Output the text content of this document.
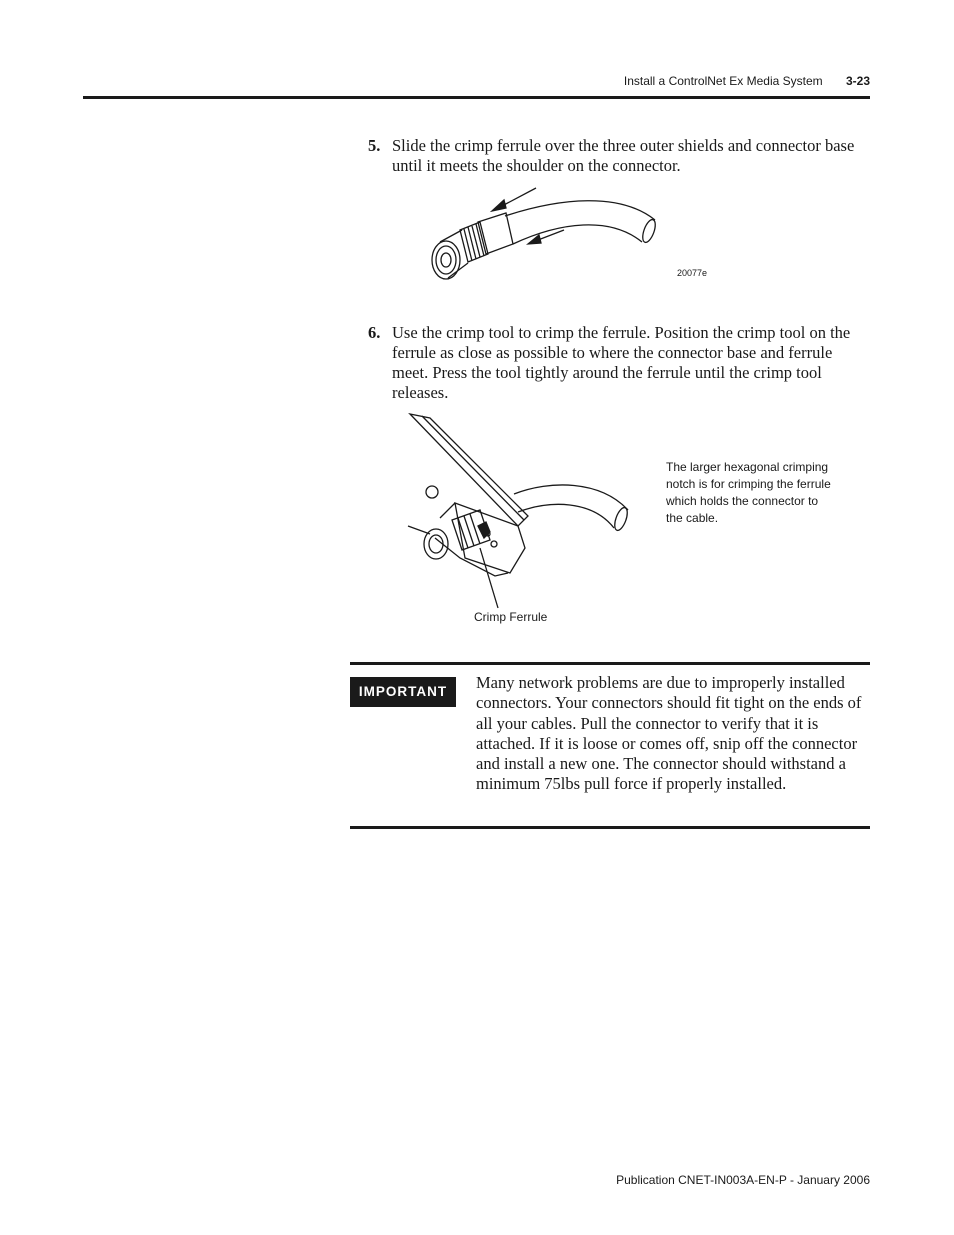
Install a ControlNet Ex Media System 3-23
5. Slide the crimp ferrule over the three outer shields and connector base until it meets the shoulder on the connector.
20077e
6. Use the crimp tool to crimp the ferrule. Position the crimp tool on the ferrule as close as possible to where the connector base and ferrule meet. Press the tool tightly around the ferrule until the crimp tool releases.
The larger hexagonal crimping notch is for crimping the ferrule which holds the connector to the cable.
Crimp Ferrule
IMPORTANT	Many network problems are due to improperly installed connectors. Your connectors should fit tight on the ends of all your cables. Pull the connector to verify that it is attached. If it is loose or comes off, snip off the connector and install a new one. The connector should withstand a minimum 75lbs pull force if properly installed.
Publication CNET-IN003A-EN-P - January 2006
